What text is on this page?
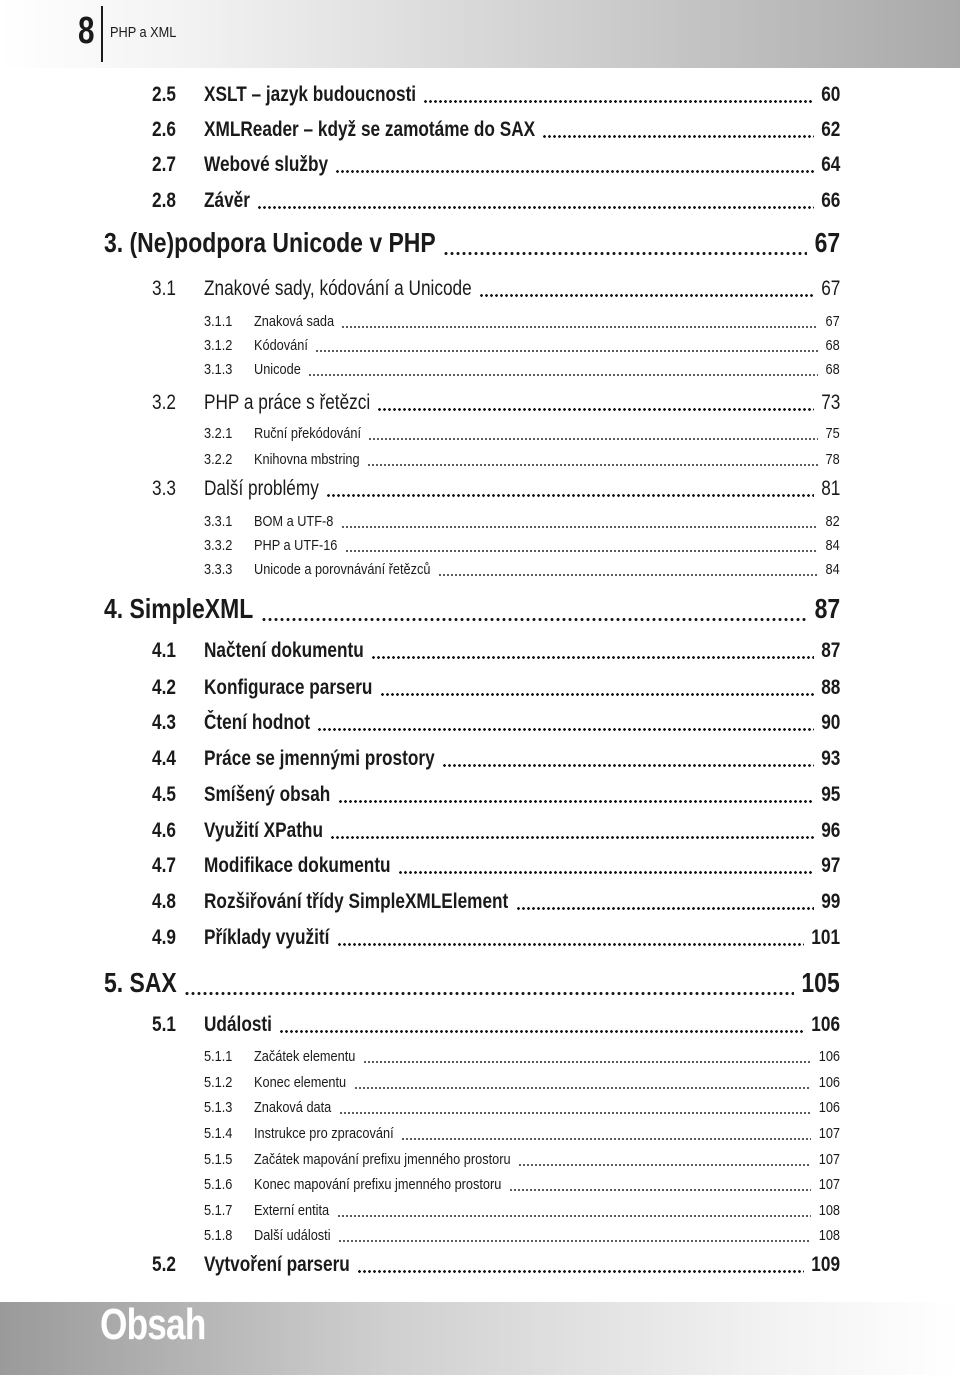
8 PHP a XML
2.5 XSLT – jazyk budoucnosti	60
2.6 XMLReader – když se zamotáme do SAX	62
2.7 Webové služby	64
2.8 Závěr	66
3. (Ne)podpora Unicode v PHP	67
3.1 Znakové sady, kódování a Unicode	67
3.1.1 Znaková sada	67
3.1.2 Kódování	68
3.1.3 Unicode	68
3.2 PHP a práce s řetězci	73
3.2.1 Ruční překódování	75
3.2.2 Knihovna mbstring	78
3.3 Další problémy	81
3.3.1 BOM a UTF-8	82
3.3.2 PHP a UTF-16	84
3.3.3 Unicode a porovnávání řetězců	84
4. SimpleXML	87
4.1 Načtení dokumentu	87
4.2 Konfigurace parseru	88
4.3 Čtení hodnot	90
4.4 Práce se jmennými prostory	93
4.5 Smíšený obsah	95
4.6 Využití XPathu	96
4.7 Modifikace dokumentu	97
4.8 Rozšiřování třídy SimpleXMLElement	99
4.9 Příklady využití	101
5. SAX	105
5.1 Události	106
5.1.1 Začátek elementu	106
5.1.2 Konec elementu	106
5.1.3 Znaková data	106
5.1.4 Instrukce pro zpracování	107
5.1.5 Začátek mapování prefixu jmenného prostoru	107
5.1.6 Konec mapování prefixu jmenného prostoru	107
5.1.7 Externí entita	108
5.1.8 Další události	108
5.2 Vytvoření parseru	109
Obsah
